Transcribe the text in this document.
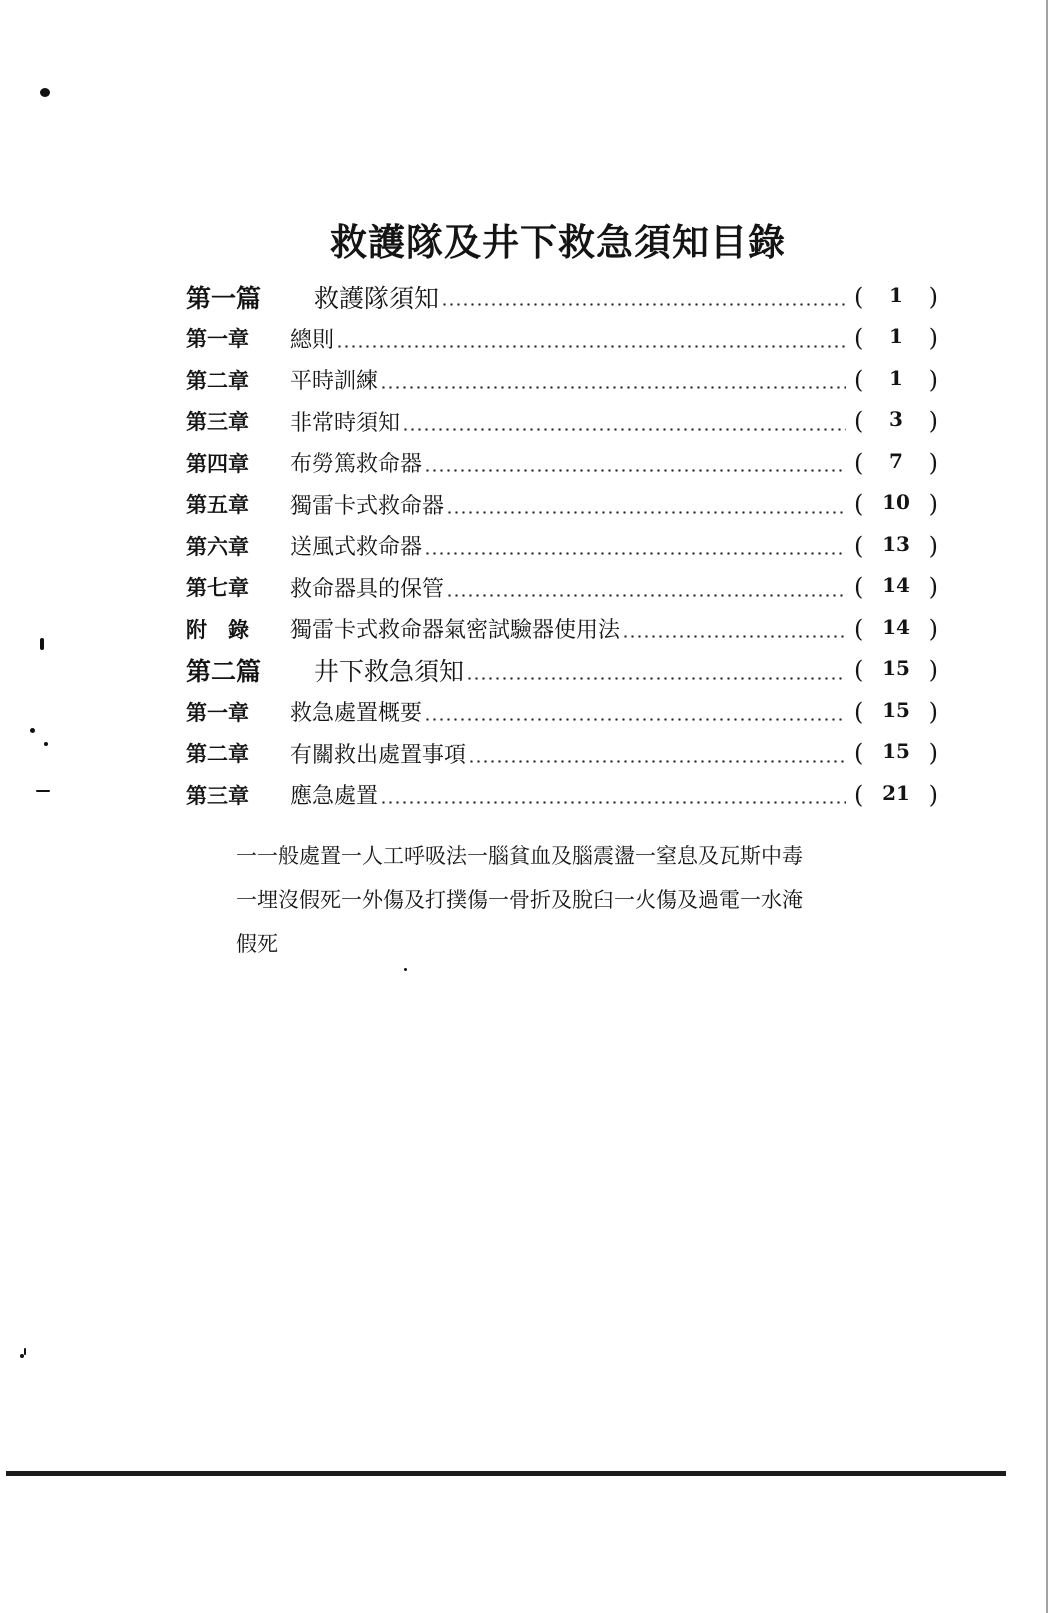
救護隊及井下救急須知目錄
第一篇	救護隊須知	( 1 )
第一章	總則	( 1 )
第二章	平時訓練	( 1 )
第三章	非常時須知	( 3 )
第四章	布勞篤救命器	( 7 )
第五章	獨雷卡式救命器	( 10 )
第六章	送風式救命器	( 13 )
第七章	救命器具的保管	( 14 )
附　錄	獨雷卡式救命器氣密試驗器使用法	( 14 )
第二篇	井下救急須知	( 15 )
第一章	救急處置概要	( 15 )
第二章	有關救出處置事項	( 15 )
第三章	應急處置	( 21 )
一一般處置一人工呼吸法一腦貧血及腦震盪一窒息及瓦斯中毒
一埋沒假死一外傷及打撲傷一骨折及脫臼一火傷及過電一水淹
假死
